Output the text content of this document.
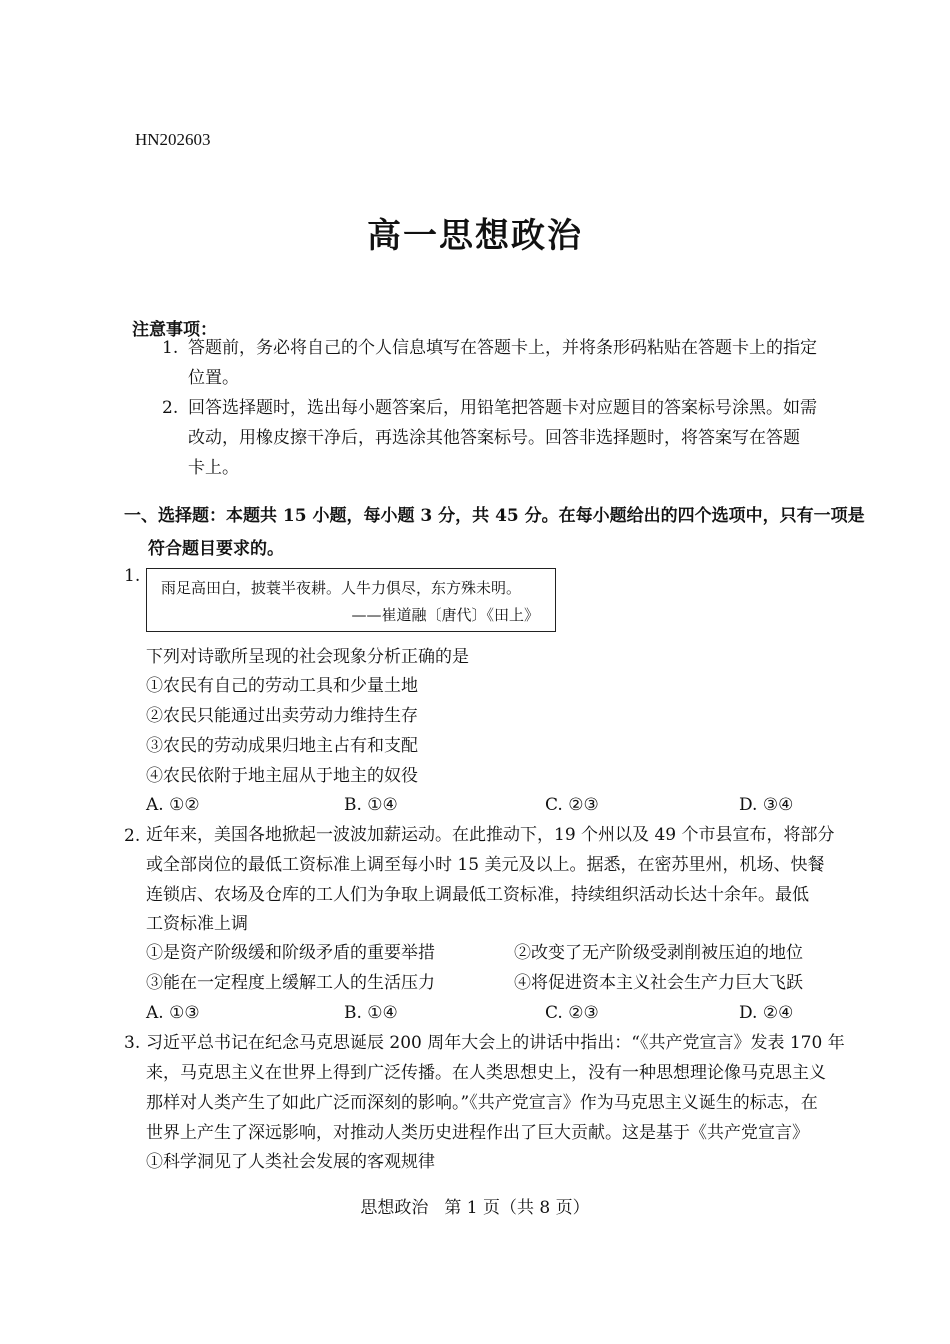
HN202603
高一思想政治
注意事项：
1. 答题前，务必将自己的个人信息填写在答题卡上，并将条形码粘贴在答题卡上的指定
位置。
2. 回答选择题时，选出每小题答案后，用铅笔把答题卡对应题目的答案标号涂黑。如需
改动，用橡皮擦干净后，再选涂其他答案标号。回答非选择题时，将答案写在答题
卡上。
一、选择题：本题共 15 小题，每小题 3 分，共 45 分。在每小题给出的四个选项中，只有一项是
符合题目要求的。
1.
雨足高田白，披蓑半夜耕。人牛力俱尽，东方殊未明。
——崔道融〔唐代〕《田上》
下列对诗歌所呈现的社会现象分析正确的是
①农民有自己的劳动工具和少量土地
②农民只能通过出卖劳动力维持生存
③农民的劳动成果归地主占有和支配
④农民依附于地主屈从于地主的奴役
A. ①②	B. ①④	C. ②③	D. ③④
2. 近年来，美国各地掀起一波波加薪运动。在此推动下，19 个州以及 49 个市县宣布，将部分
或全部岗位的最低工资标准上调至每小时 15 美元及以上。据悉，在密苏里州，机场、快餐
连锁店、农场及仓库的工人们为争取上调最低工资标准，持续组织活动长达十余年。最低
工资标准上调
①是资产阶级缓和阶级矛盾的重要举措	②改变了无产阶级受剥削被压迫的地位
③能在一定程度上缓解工人的生活压力	④将促进资本主义社会生产力巨大飞跃
A. ①③	B. ①④	C. ②③	D. ②④
3. 习近平总书记在纪念马克思诞辰 200 周年大会上的讲话中指出：“《共产党宣言》发表 170 年
来，马克思主义在世界上得到广泛传播。在人类思想史上，没有一种思想理论像马克思主义
那样对人类产生了如此广泛而深刻的影响。”《共产党宣言》作为马克思主义诞生的标志，在
世界上产生了深远影响，对推动人类历史进程作出了巨大贡献。这是基于《共产党宣言》
①科学洞见了人类社会发展的客观规律
思想政治 第 1 页（共 8 页）
